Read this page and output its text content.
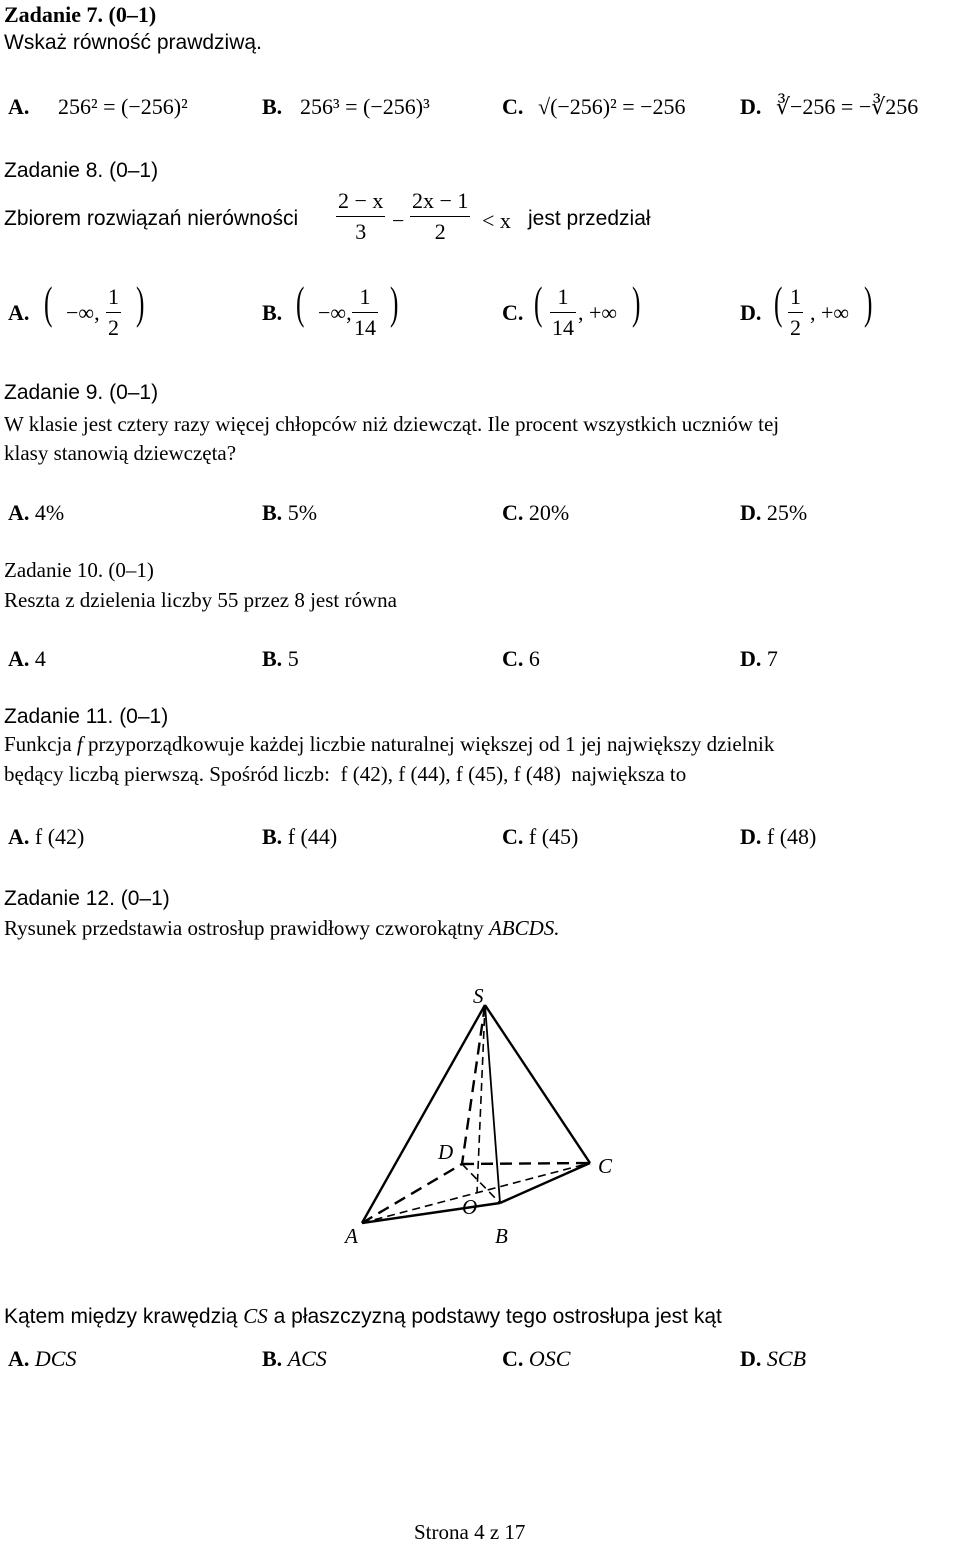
Zadanie 7. (0–1)
Wskaż równość prawdziwą.
A. 256² = (−256)²	B. 256³ = (−256)³	C. √(−256)² = −256 D. ∛−256 = −∛256
Zadanie 8. (0–1)
Zbiorem rozwiązań nierówności
2 − x
3 −
2x − 1
2 < x jest przedział
A. ( −∞,
1
2 )	B. ( −∞,
1
14 )	C. ( 1
14
, +∞ )	D. ( 1
2
, +∞ )
Zadanie 9. (0–1)
W klasie jest cztery razy więcej chłopców niż dziewcząt. Ile procent wszystkich uczniów tej
klasy stanowią dziewczęta?
A. 4%	B. 5%	C. 20%	D. 25%
Zadanie 10. (0–1)
Reszta z dzielenia liczby 55 przez 8 jest równa
A. 4	B. 5	C. 6	D. 7
Zadanie 11. (0–1)
Funkcja f przyporządkowuje każdej liczbie naturalnej większej od 1 jej największy dzielnik
będący liczbą pierwszą. Spośród liczb: f (42), f (44), f (45), f (48) największa to
A. f (42)	B. f (44)	C. f (45)	D. f (48)
Zadanie 12. (0–1)
Rysunek przedstawia ostrosłup prawidłowy czworokątny ABCDS.
S
D
C
O
A	B
Kątem między krawędzią CS a płaszczyzną podstawy tego ostrosłupa jest kąt
A. DCS	B. ACS	C. OSC	D. SCB
Strona 4 z 17
